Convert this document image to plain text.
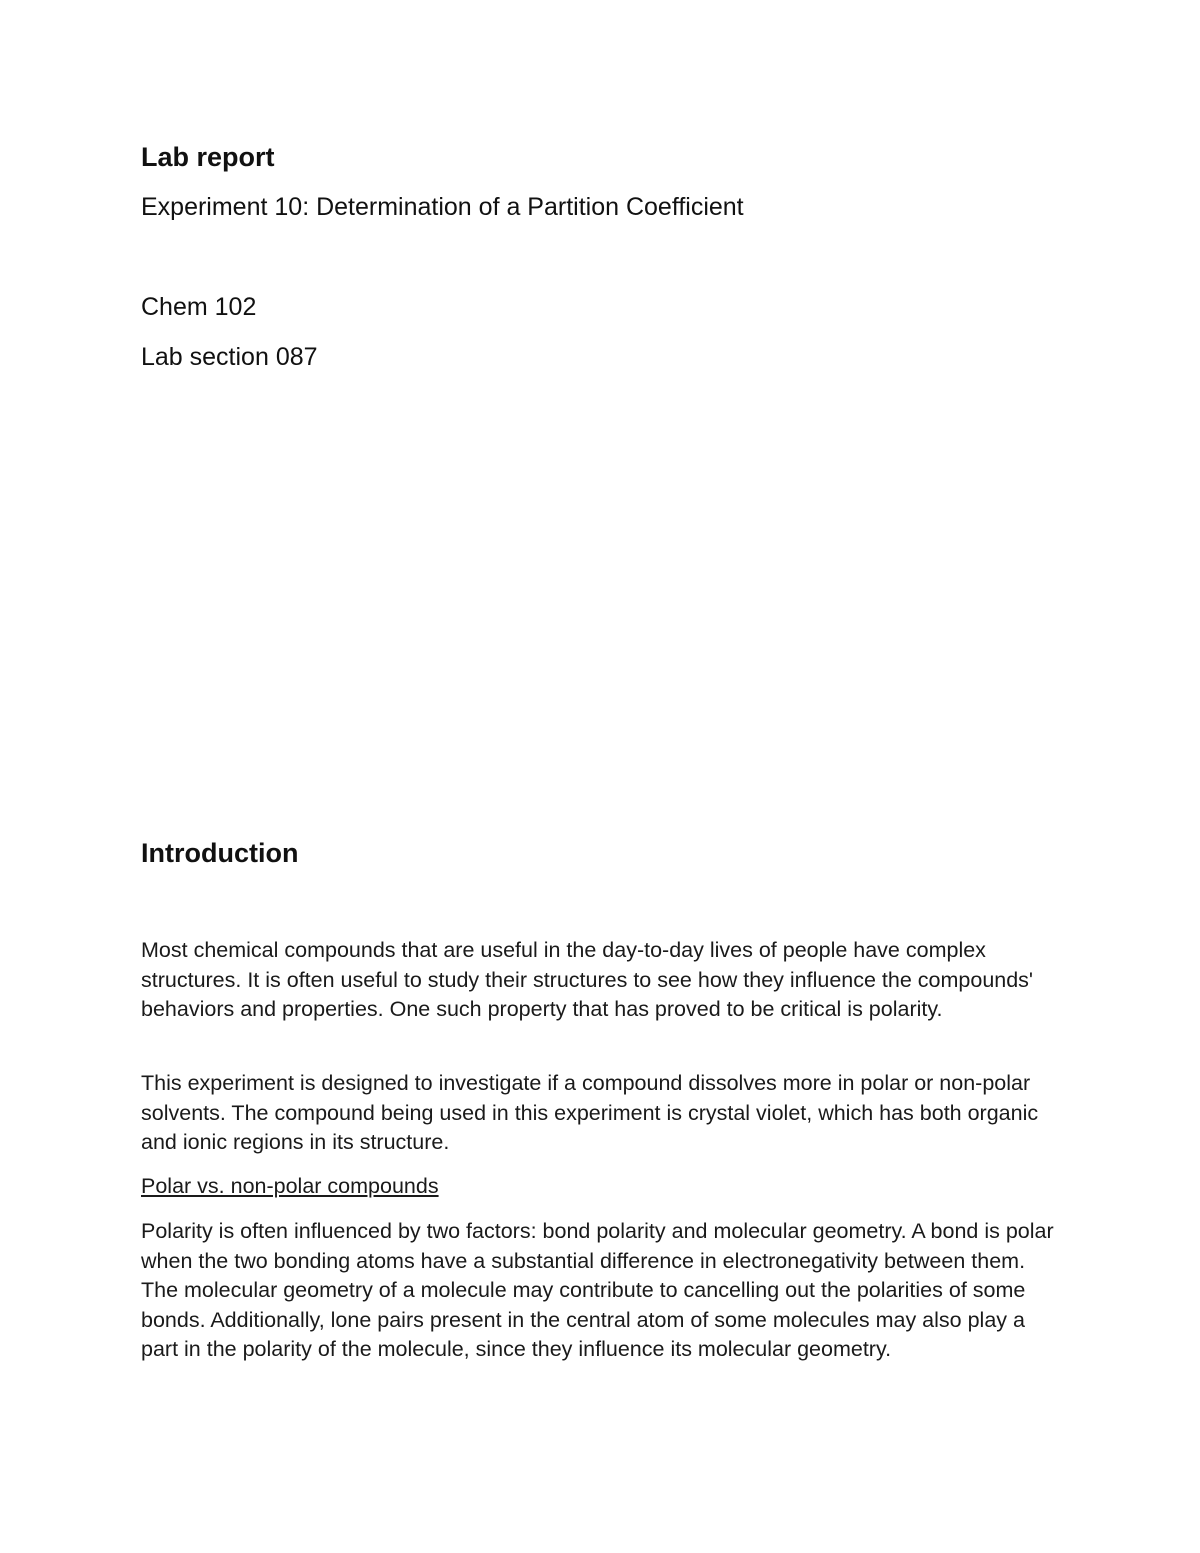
Lab report

Experiment 10: Determination of a Partition Coefficient

Chem 102

Lab section 087

Introduction

Most chemical compounds that are useful in the day-to-day lives of people have complex structures. It is often useful to study their structures to see how they influence the compounds' behaviors and properties. One such property that has proved to be critical is polarity.

This experiment is designed to investigate if a compound dissolves more in polar or non-polar solvents. The compound being used in this experiment is crystal violet, which has both organic and ionic regions in its structure.

Polar vs. non-polar compounds

Polarity is often influenced by two factors: bond polarity and molecular geometry. A bond is polar when the two bonding atoms have a substantial difference in electronegativity between them. The molecular geometry of a molecule may contribute to cancelling out the polarities of some bonds. Additionally, lone pairs present in the central atom of some molecules may also play a part in the polarity of the molecule, since they influence its molecular geometry.
